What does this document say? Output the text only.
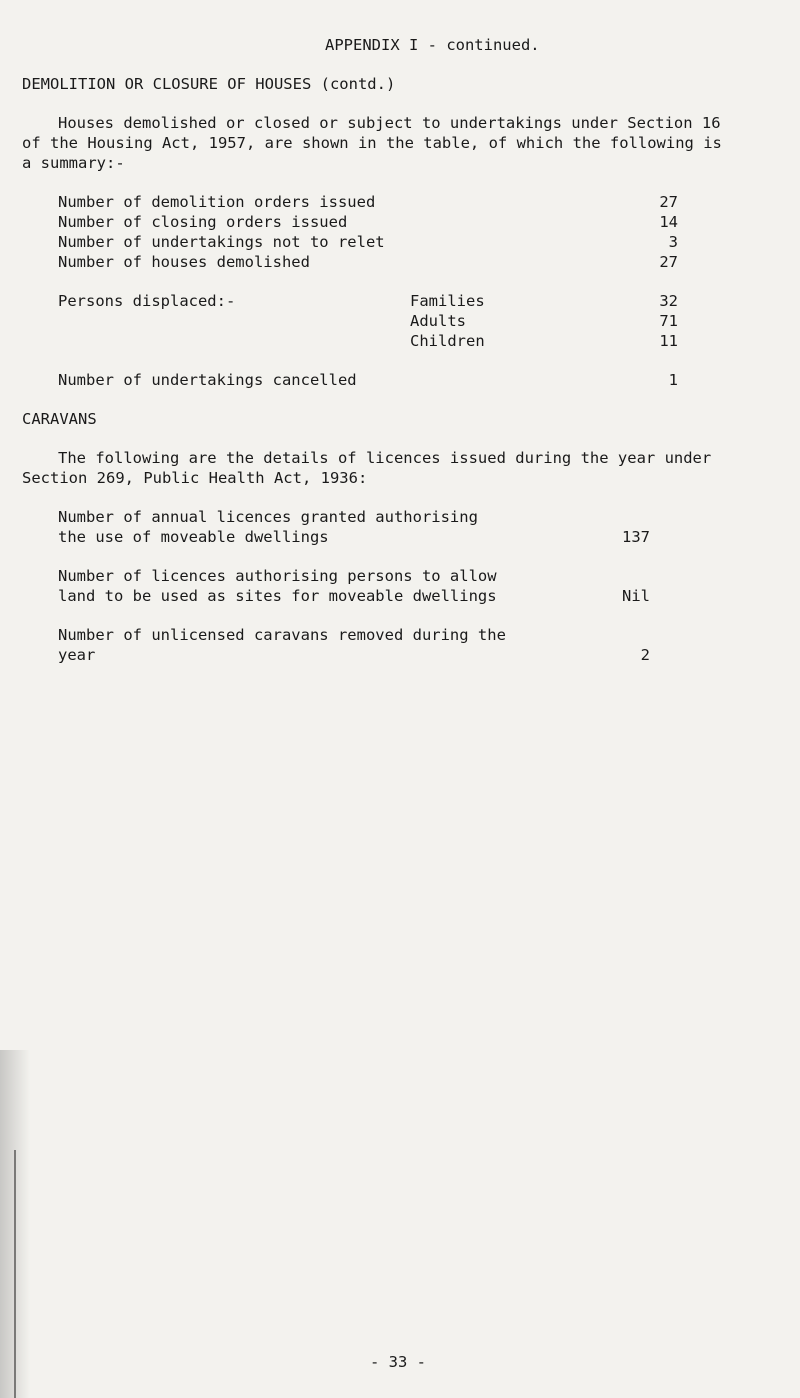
APPENDIX I - continued.
DEMOLITION OR CLOSURE OF HOUSES (contd.)
Houses demolished or closed or subject to undertakings under Section 16
of the Housing Act, 1957, are shown in the table, of which the following is
a summary:-
Number of demolition orders issued	27
Number of closing orders issued	14
Number of undertakings not to relet	3
Number of houses demolished	27
Persons displaced:-	Families	32
Adults	71
Children	11
Number of undertakings cancelled	1
CARAVANS
The following are the details of licences issued during the year under
Section 269, Public Health Act, 1936:
Number of annual licences granted authorising
the use of moveable dwellings	137
Number of licences authorising persons to allow
land to be used as sites for moveable dwellings	Nil
Number of unlicensed caravans removed during the
year	2
- 33 -
